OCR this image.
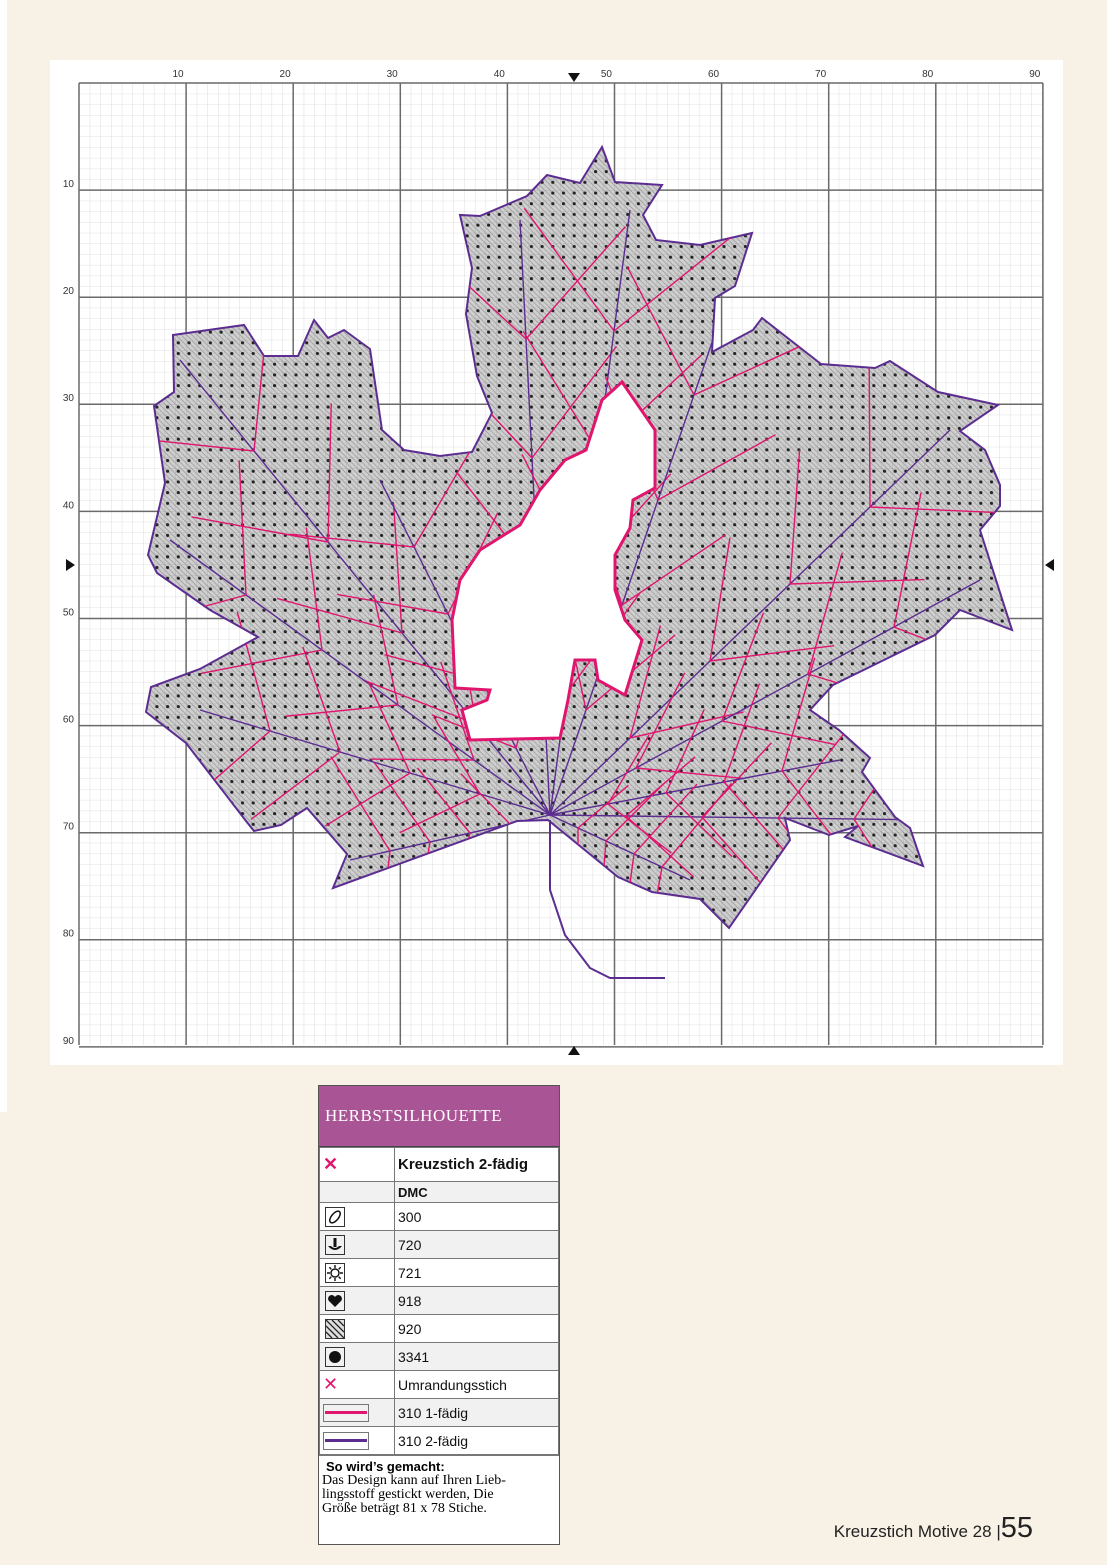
10	20	30	40	50	60	70	80	90
10
20
30
40
50
60
70
80
90
HERBSTSILHOUETTE
✕	Kreuzstich 2-fädig
	DMC
	300
	720
	721
	918
	920
	3341
✕	Umrandungsstich

	310 1-fädig

	310 2-fädig
So wird’s gemacht:
Das Design kann auf Ihren Lieb-
lingsstoff gestickt werden, Die
Größe beträgt 81 x 78 Stiche.
Kreuzstich Motive 28 |55
